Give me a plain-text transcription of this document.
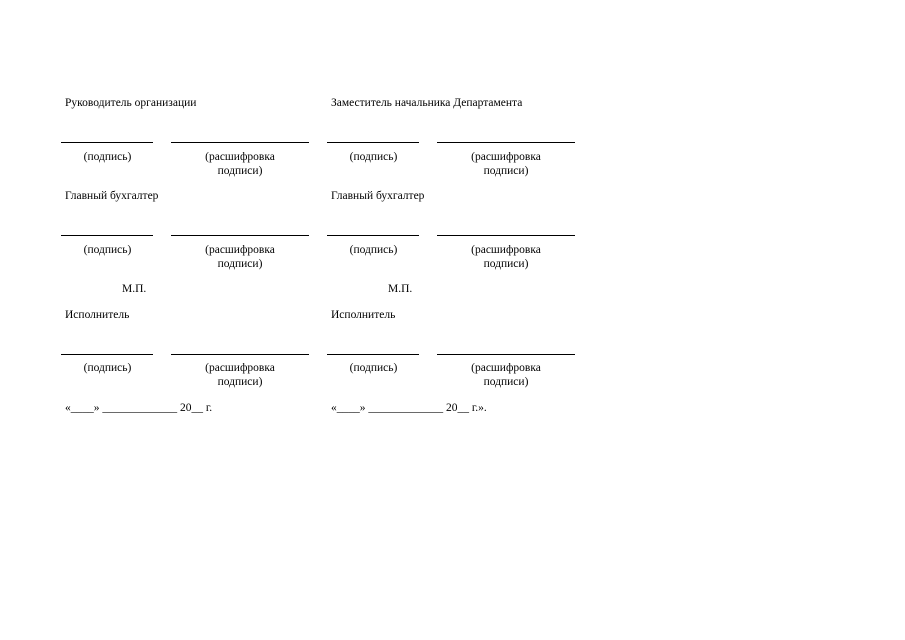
Руководитель организации
(подпись)	(расшифровка
подписи)
Главный бухгалтер
(подпись)	(расшифровка
подписи)
М.П.
Исполнитель
(подпись)	(расшифровка
подписи)
«____» _____________ 20__ г.
Заместитель начальника Департамента
(подпись)	(расшифровка
подписи)
Главный бухгалтер
(подпись)	(расшифровка
подписи)
М.П.
Исполнитель
(подпись)	(расшифровка
подписи)
«____» _____________ 20__ г.».
